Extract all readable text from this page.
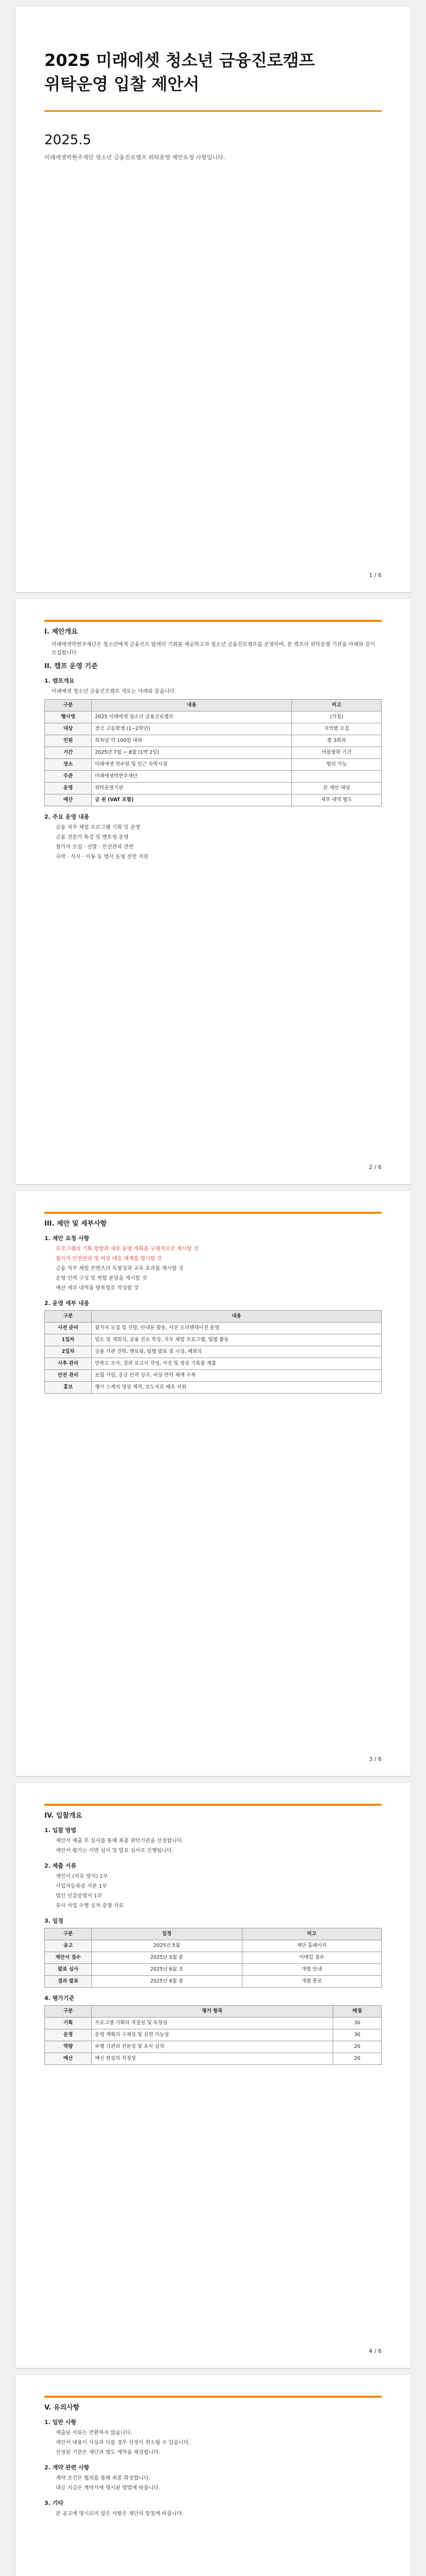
2025 미래에셋 청소년 금융진로캠프
위탁운영 입찰 제안서
2025.5
미래에셋박현주재단 청소년 금융진로캠프 위탁운영 제안요청 사항입니다.
1 / 6
I. 제안개요
미래에셋박현주재단은 청소년에게 금융진로 탐색의 기회를 제공하고자 청소년 금융진로캠프를 운영하며, 본 캠프의 위탁운영 기관을 아래와 같이 모집합니다.
II. 캠프 운영 기준
1. 캠프개요
미래에셋 청소년 금융진로캠프 개요는 아래와 같습니다.
구분	내용	비고
행사명	2025 미래에셋 청소년 금융진로캠프	(가칭)
대상	전국 고등학생 (1~2학년)	지역별 모집
인원	회차당 약 100명 내외	총 3회차
기간	2025년 7월 ~ 8월 (1박 2일)	여름방학 기간
장소	미래에셋 연수원 및 인근 숙박시설	협의 가능
주관	미래에셋박현주재단	
운영	위탁운영기관	본 제안 대상
예산	금 원 (VAT 포함)	세부 내역 별도
2. 주요 운영 내용
금융 직무 체험 프로그램 기획 및 운영
금융 전문가 특강 및 멘토링 운영
참가자 모집 · 선발 · 안전관리 전반
숙박 · 식사 · 이동 등 행사 운영 전반 지원
2 / 6
III. 제안 및 세부사항
1. 제안 요청 사항
프로그램의 기획 방향과 세부 운영 계획을 구체적으로 제시할 것
참가자 안전관리 및 비상 대응 체계를 명시할 것
금융 직무 체험 콘텐츠의 독창성과 교육 효과를 제시할 것
운영 인력 구성 및 역할 분담을 제시할 것
예산 세부 내역을 항목별로 작성할 것
2. 운영 세부 내용
구분	내용
사전 준비	참가자 모집 및 선발, 안내문 발송, 사전 오리엔테이션 운영
1일차	입소 및 개회식, 금융 진로 특강, 직무 체험 프로그램, 팀별 활동
2일차	금융 기관 견학, 멘토링, 팀별 발표 및 시상, 폐회식
사후 관리	만족도 조사, 결과 보고서 작성, 사진 및 영상 기록물 제출
안전 관리	보험 가입, 응급 인력 상주, 비상 연락 체계 구축
홍보	행사 스케치 영상 제작, 보도자료 배포 지원
3 / 6
IV. 입찰개요
1. 입찰 방법
제안서 제출 후 심사를 통해 최종 위탁기관을 선정합니다.
제안서 평가는 서면 심사 및 발표 심사로 진행됩니다.
2. 제출 서류
제안서 (자유 양식) 1부
사업자등록증 사본 1부
법인 인감증명서 1부
유사 사업 수행 실적 증명 자료
3. 일정
구분	일정	비고
공고	2025년 5월	재단 홈페이지
제안서 접수	2025년 5월 중	이메일 접수
발표 심사	2025년 6월 초	개별 안내
결과 발표	2025년 6월 중	개별 통보
4. 평가기준
구분	평가 항목	배점
기획	프로그램 기획의 적절성 및 독창성	30
운영	운영 계획의 구체성 및 실현 가능성	30
역량	수행 기관의 전문성 및 유사 실적	20
예산	예산 편성의 적정성	20
4 / 6
V. 유의사항
1. 일반 사항
제출된 서류는 반환하지 않습니다.
제안서 내용이 사실과 다를 경우 선정이 취소될 수 있습니다.
선정된 기관은 재단과 별도 계약을 체결합니다.
2. 계약 관련 사항
계약 조건은 협의를 통해 최종 확정합니다.
대금 지급은 계약서에 명시된 방법에 따릅니다.
3. 기타
본 공고에 명시되지 않은 사항은 재단의 방침에 따릅니다.
